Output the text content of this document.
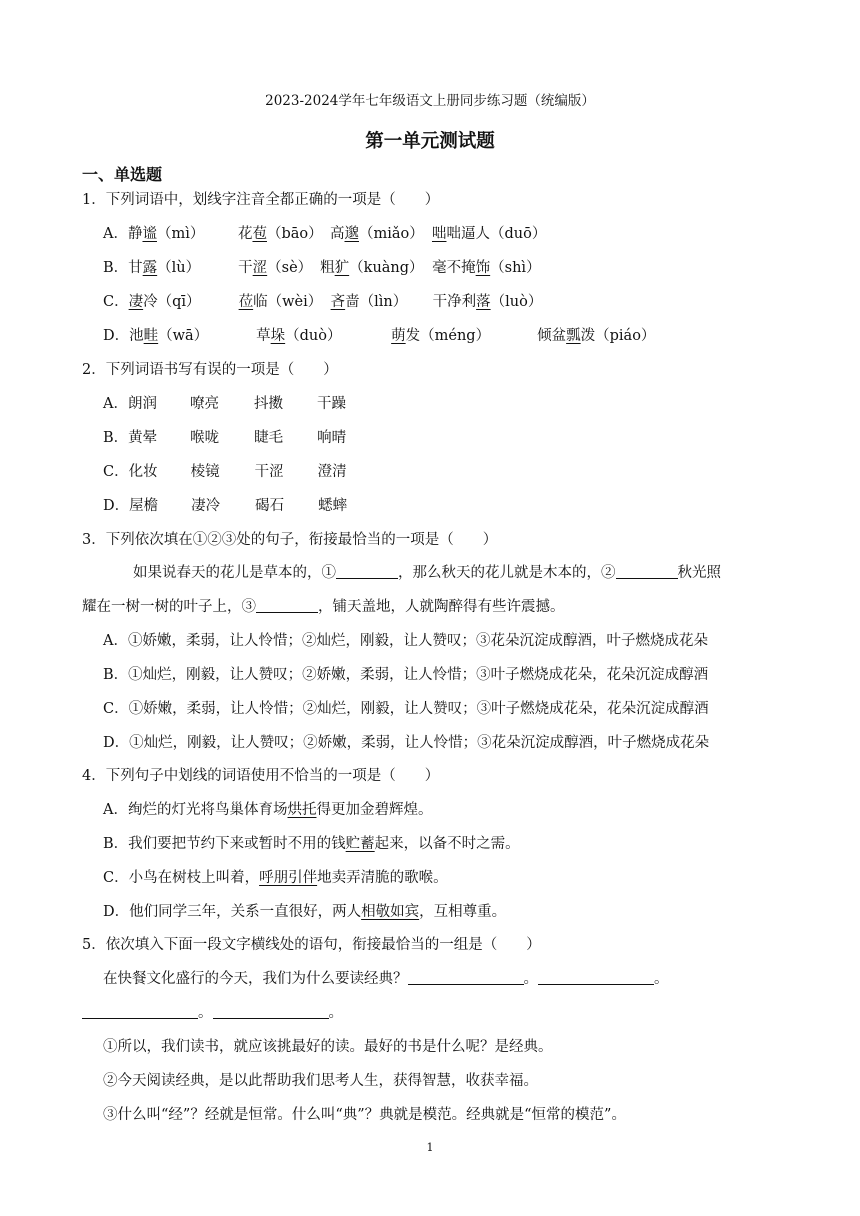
2023-2024学年七年级语文上册同步练习题（统编版）
第一单元测试题
一、单选题
1．下列词语中，划线字注音全都正确的一项是（　　）
A．静谧（mì） 花苞（bāo） 高邈（miǎo） 咄咄逼人（duō）
B．甘露（lù）	干涩（sè） 粗犷（kuàng） 毫不掩饰（shì）
C．凄冷（qī）	莅临（wèi） 吝啬（lìn） 干净利落（luò）
D．池畦（wā）	草垛（duò）	萌发（méng）	倾盆瓢泼（piáo）
2．下列词语书写有误的一项是（　　）
A．朗润 嘹亮 抖擞 干躁
B．黄晕 喉咙 睫毛 响晴
C．化妆 棱镜 干涩 澄清
D．屋檐 凄冷 碣石 蟋蟀
3．下列依次填在①②③处的句子，衔接最恰当的一项是（　　）
如果说春天的花儿是草本的，①	，那么秋天的花儿就是木本的，②	秋光照
耀在一树一树的叶子上，③	，铺天盖地，人就陶醉得有些许震撼。
A．①娇嫩，柔弱，让人怜惜；②灿烂，刚毅，让人赞叹；③花朵沉淀成醇酒，叶子燃烧成花朵
B．①灿烂，刚毅，让人赞叹；②娇嫩，柔弱，让人怜惜；③叶子燃烧成花朵，花朵沉淀成醇酒
C．①娇嫩，柔弱，让人怜惜；②灿烂，刚毅，让人赞叹；③叶子燃烧成花朵，花朵沉淀成醇酒
D．①灿烂，刚毅，让人赞叹；②娇嫩，柔弱，让人怜惜；③花朵沉淀成醇酒，叶子燃烧成花朵
4．下列句子中划线的词语使用不恰当的一项是（　　）
A．绚烂的灯光将鸟巢体育场烘托得更加金碧辉煌。
B．我们要把节约下来或暂时不用的钱贮蓄起来，以备不时之需。
C．小鸟在树枝上叫着，呼朋引伴地卖弄清脆的歌喉。
D．他们同学三年，关系一直很好，两人相敬如宾，互相尊重。
5．依次填入下面一段文字横线处的语句，衔接最恰当的一组是（　　）
在快餐文化盛行的今天，我们为什么要读经典？	。	。
。	。
①所以，我们读书，就应该挑最好的读。最好的书是什么呢？是经典。
②今天阅读经典，是以此帮助我们思考人生，获得智慧，收获幸福。
③什么叫“经”？经就是恒常。什么叫“典”？典就是模范。经典就是“恒常的模范”。
1
